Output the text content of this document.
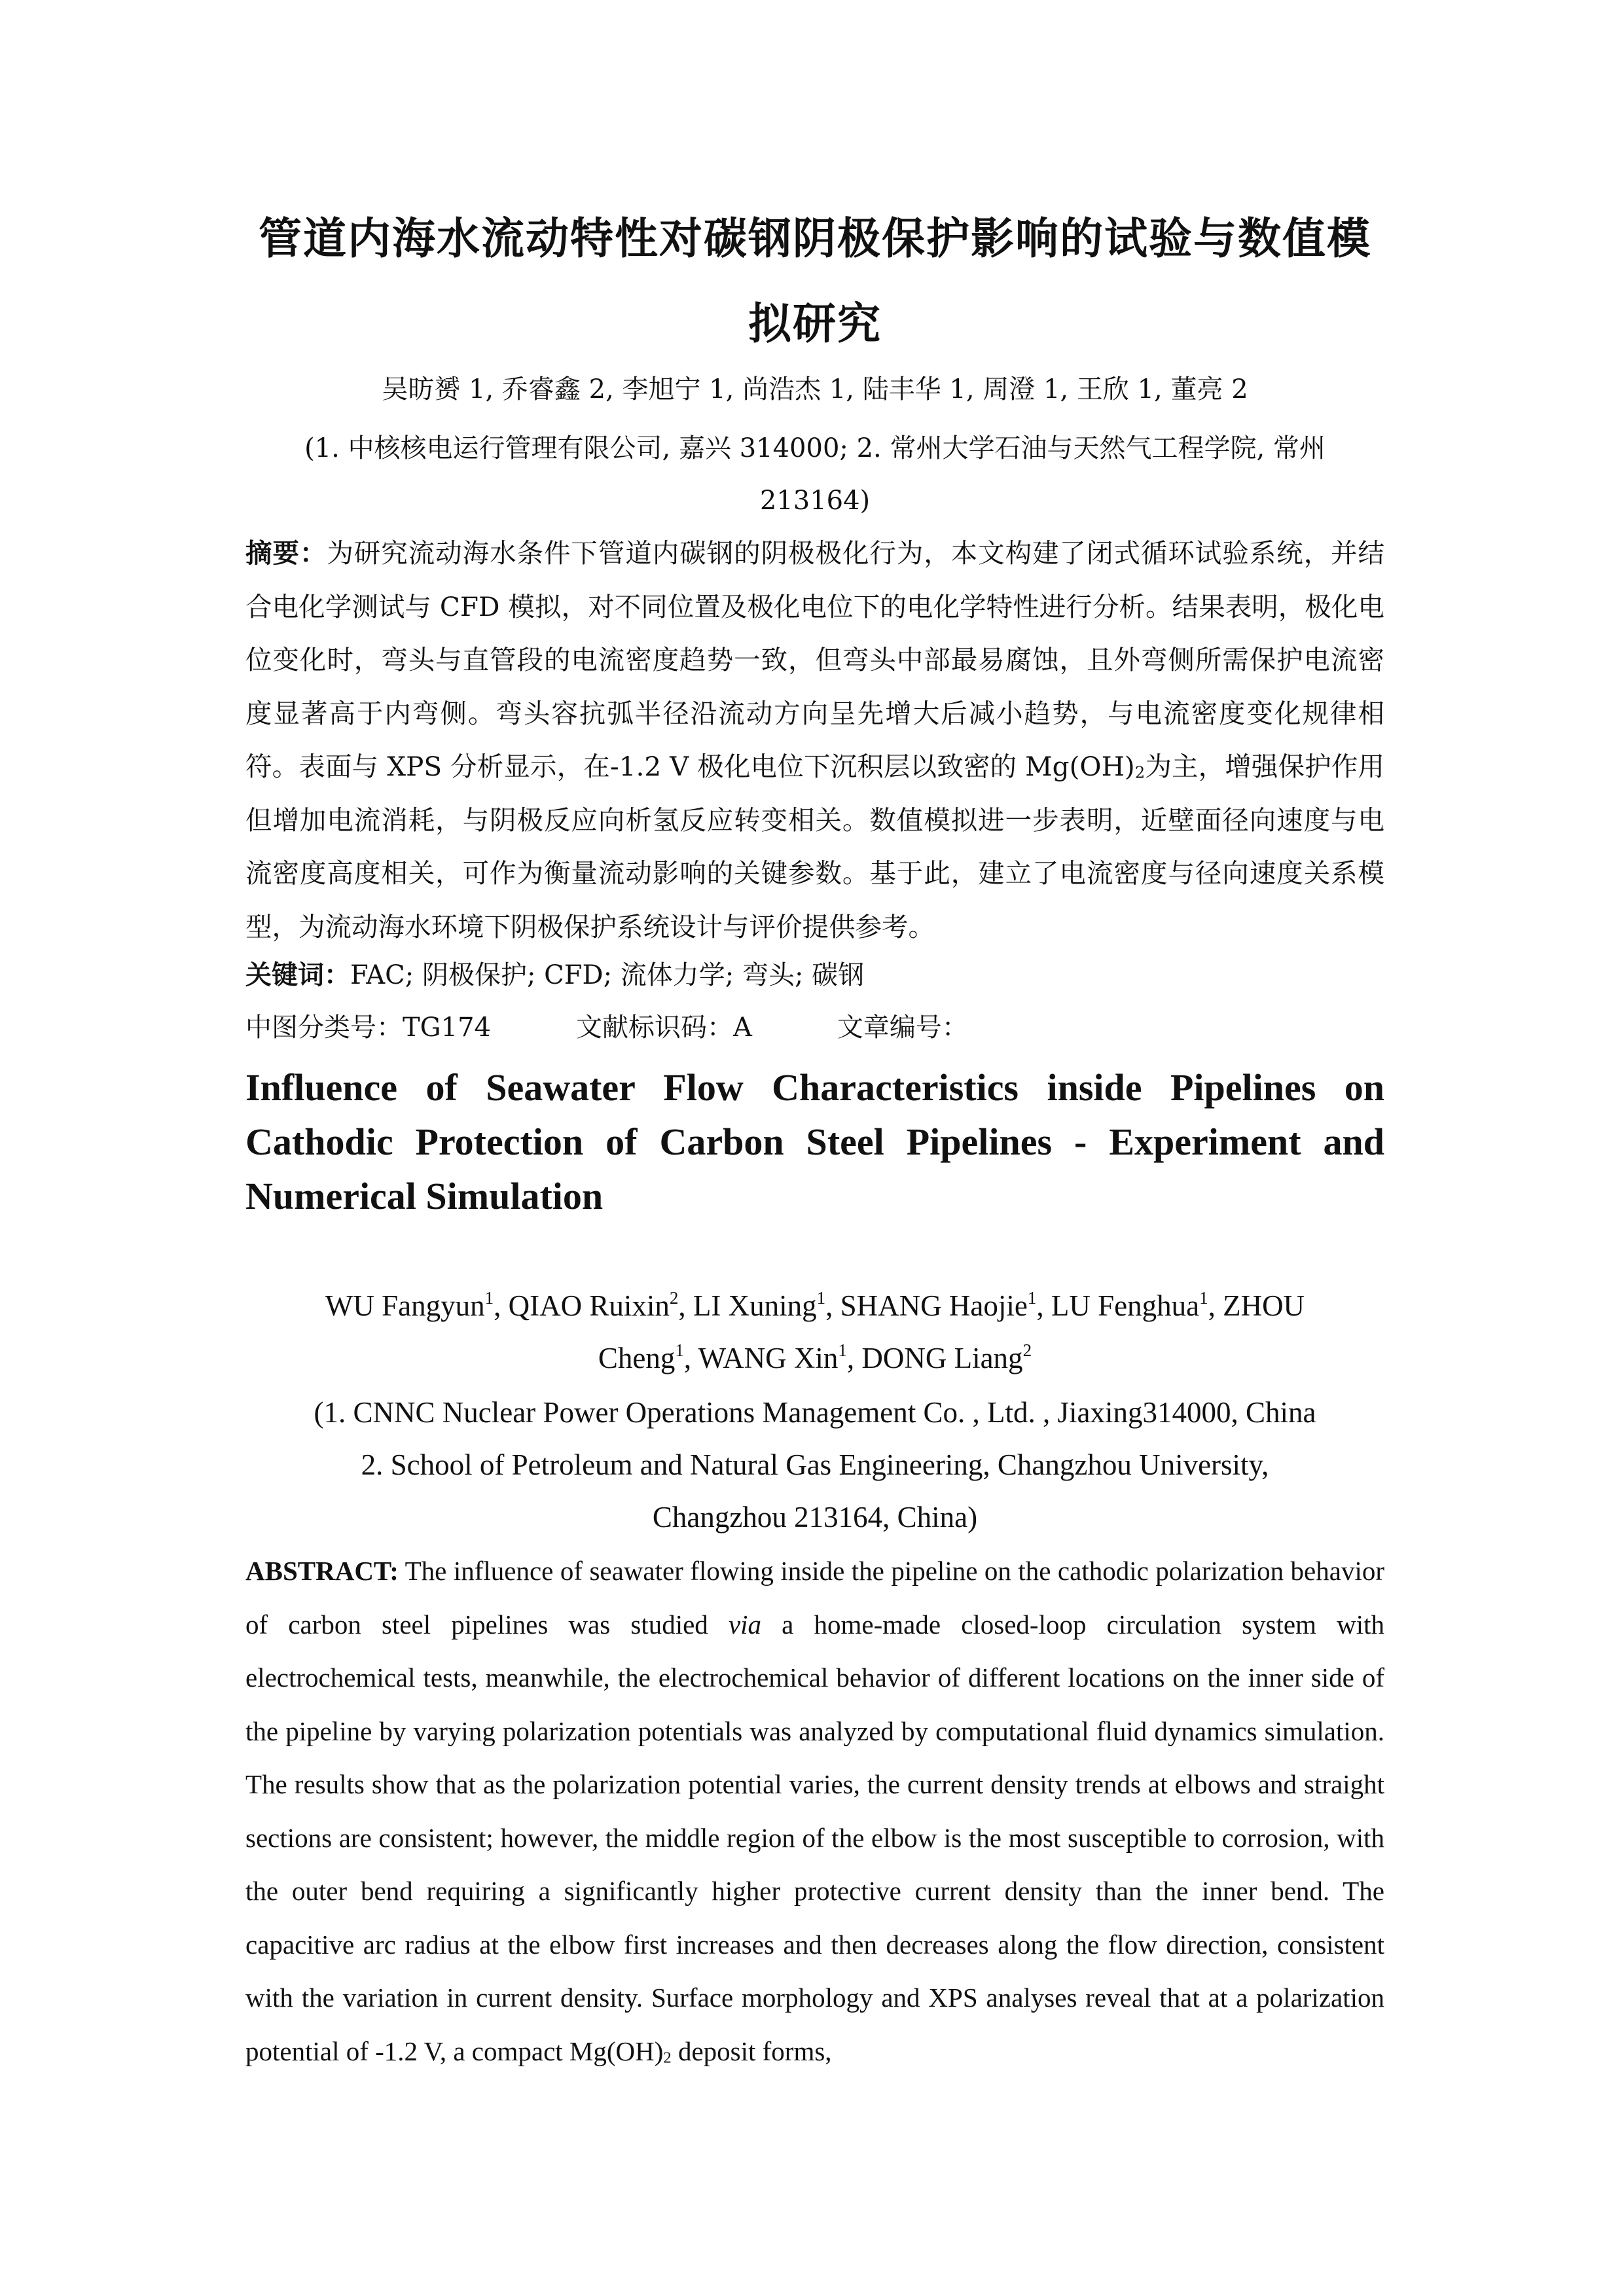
管道内海水流动特性对碳钢阴极保护影响的试验与数值模拟研究
吴昉赟 1, 乔睿鑫 2, 李旭宁 1, 尚浩杰 1, 陆丰华 1, 周澄 1, 王欣 1, 董亮 2
(1. 中核核电运行管理有限公司, 嘉兴 314000; 2. 常州大学石油与天然气工程学院, 常州
213164)
摘要：为研究流动海水条件下管道内碳钢的阴极极化行为，本文构建了闭式循环试验系统，并结合电化学测试与 CFD 模拟，对不同位置及极化电位下的电化学特性进行分析。结果表明，极化电位变化时，弯头与直管段的电流密度趋势一致，但弯头中部最易腐蚀，且外弯侧所需保护电流密度显著高于内弯侧。弯头容抗弧半径沿流动方向呈先增大后减小趋势，与电流密度变化规律相符。表面与 XPS 分析显示，在-1.2 V 极化电位下沉积层以致密的 $Mg(OH)_2$为主，增强保护作用但增加电流消耗，与阴极反应向析氢反应转变相关。数值模拟进一步表明，近壁面径向速度与电流密度高度相关，可作为衡量流动影响的关键参数。基于此，建立了电流密度与径向速度关系模型，为流动海水环境下阴极保护系统设计与评价提供参考。
关键词：FAC; 阴极保护; CFD; 流体力学; 弯头; 碳钢
中图分类号：TG174	文献标识码：A	文章编号：
Influence of Seawater Flow Characteristics inside Pipelines on Cathodic Protection of Carbon Steel Pipelines - Experiment and Numerical Simulation
WU Fangyun$^1$, QIAO Ruixin$^2$, LI Xuning$^1$, SHANG Haojie$^1$, LU Fenghua$^1$, ZHOU
Cheng$^1$, WANG Xin$^1$, DONG Liang$^2$
(1. CNNC Nuclear Power Operations Management Co. , Ltd. , Jiaxing314000, China
2. School of Petroleum and Natural Gas Engineering, Changzhou University,
Changzhou 213164, China)
ABSTRACT: The influence of seawater flowing inside the pipeline on the cathodic polarization behavior of carbon steel pipelines was studied via a home-made closed-loop circulation system with electrochemical tests, meanwhile, the electrochemical behavior of different locations on the inner side of the pipeline by varying polarization potentials was analyzed by computational fluid dynamics simulation. The results show that as the polarization potential varies, the current density trends at elbows and straight sections are consistent; however, the middle region of the elbow is the most susceptible to corrosion, with the outer bend requiring a significantly higher protective current density than the inner bend. The capacitive arc radius at the elbow first increases and then decreases along the flow direction, consistent with the variation in current density. Surface morphology and XPS analyses reveal that at a polarization potential of -1.2 V, a compact $Mg(OH)_2$ deposit forms,
